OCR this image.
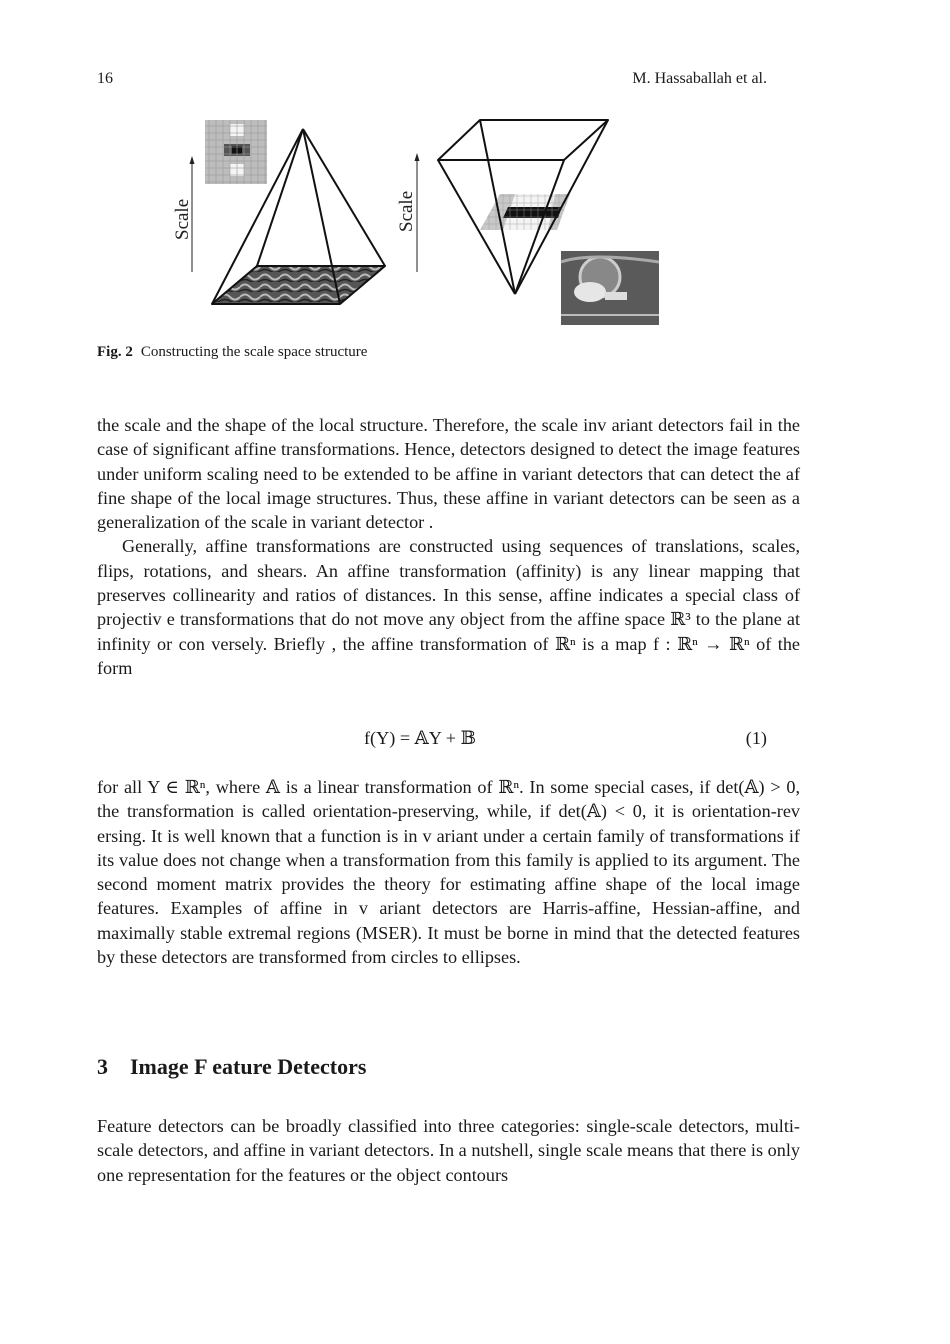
16	M. Hassaballah et al.
Scale	Scale
Fig. 2 Constructing the scale space structure

the scale and the shape of the local structure. Therefore, the scale inv ariant detectors fail in the case of significant affine transformations. Hence, detectors designed to detect the image features under uniform scaling need to be extended to be affine in variant detectors that can detect the af fine shape of the local image structures. Thus, these affine in variant detectors can be seen as a generalization of the scale in variant detector .

Generally, affine transformations are constructed using sequences of translations, scales, flips, rotations, and shears. An affine transformation (affinity) is any linear mapping that preserves collinearity and ratios of distances. In this sense, affine indicates a special class of projectiv e transformations that do not move any object from the affine space ℝ³ to the plane at infinity or con versely. Briefly , the affine transformation of ℝⁿ is a map f : ℝⁿ → ℝⁿ of the form

f(Y) = 𝔸Y + 𝔹	(1)

for all Y ∈ ℝⁿ, where 𝔸 is a linear transformation of ℝⁿ. In some special cases, if det(𝔸) > 0, the transformation is called orientation-preserving, while, if det(𝔸) < 0, it is orientation-rev ersing. It is well known that a function is in v ariant under a certain family of transformations if its value does not change when a transformation from this family is applied to its argument. The second moment matrix provides the theory for estimating affine shape of the local image features. Examples of affine in v ariant detectors are Harris-affine, Hessian-affine, and maximally stable extremal regions (MSER). It must be borne in mind that the detected features by these detectors are transformed from circles to ellipses.

3 Image F eature Detectors

Feature detectors can be broadly classified into three categories: single-scale detectors, multi-scale detectors, and affine in variant detectors. In a nutshell, single scale means that there is only one representation for the features or the object contours
